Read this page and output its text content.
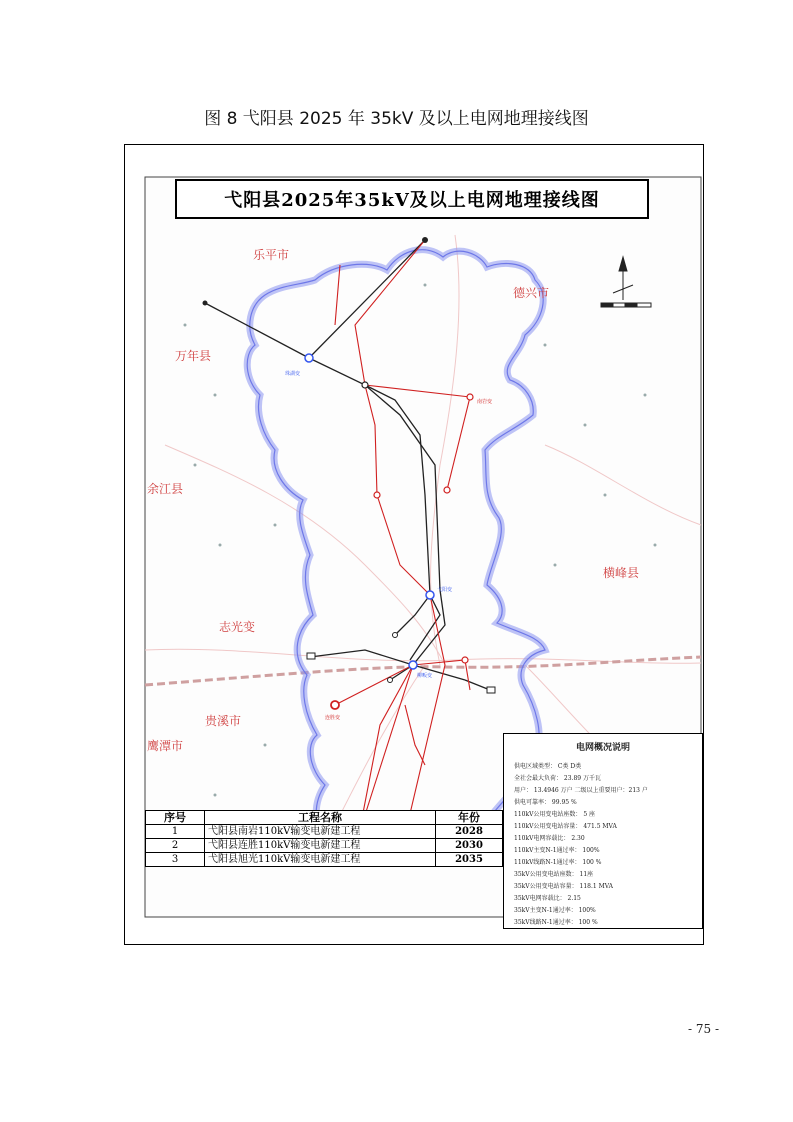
图 8 弋阳县 2025 年 35kV 及以上电网地理接线图
乐平市
万年县
德兴市
余江县
横峰县
贵溪市
鹰潭市
志光变
珠湖变
弋阳变
柳畈变
南岩变
连胜变
弋阳县2025年35kV及以上电网地理接线图
序号	工程名称	年份
1	弋阳县南岩110kV输变电新建工程	2028
2	弋阳县连胜110kV输变电新建工程	2030
3	弋阳县旭光110kV输变电新建工程	2035
电网概况说明
供电区域类型： C类 D类
全社会最大负荷： 23.89 万千瓦
用户： 13.4946 万户 二级以上重要用户：213 户
供电可靠率： 99.95 %
110kV公用变电站座数： 5 座
110kV公用变电站容量： 471.5 MVA
110kV电网容载比： 2.30
110kV主变N-1通过率： 100%
110kV线路N-1通过率： 100 %
35kV公用变电站座数： 11座
35kV公用变电站容量： 118.1 MVA
35kV电网容载比： 2.15
35kV主变N-1通过率： 100%
35kV线路N-1通过率： 100 %
- 75 -
